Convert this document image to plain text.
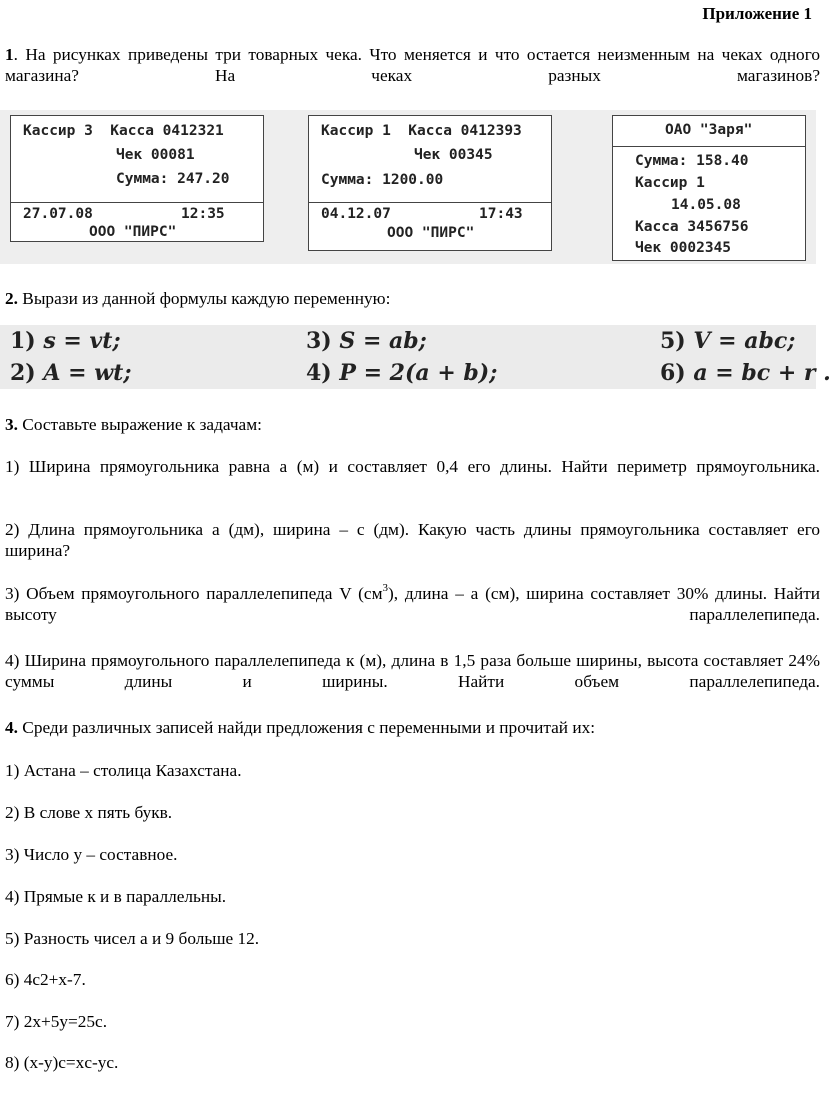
Приложение 1

1. На рисунках приведены три товарных чека. Что меняется и что остается неизменным на чеках одного магазина? На чеках разных магазинов?

Кассир 3  Касса 0412321
Чек 00081
Сумма: 247.20
27.07.08	12:35
ООО "ПИРС"
Кассир 1  Касса 0412393
Чек 00345
Сумма: 1200.00
04.12.07	17:43
ООО "ПИРС"
ОАО "Заря"
Сумма: 158.40
Кассир 1
14.05.08
Касса 3456756
Чек 0002345

2. Вырази из данной формулы каждую переменную:

1) s = vt;
2) A = wt;
3) S = ab;
4) P = 2(a + b);
5) V = abc;
6) a = bc + r .

3. Составьте выражение к задачам:

1) Ширина прямоугольника равна a (м) и составляет 0,4 его длины. Найти периметр прямоугольника.

2) Длина прямоугольника a (дм), ширина – c (дм). Какую часть длины прямоугольника составляет его ширина?

3) Объем прямоугольного параллелепипеда V $(см^3)$, длина – a (см), ширина составляет 30% длины. Найти высоту параллелепипеда.

4) Ширина прямоугольного параллелепипеда к (м), длина в 1,5 раза больше ширины, высота составляет 24% суммы длины и ширины. Найти объем параллелепипеда.

4. Среди различных записей найди предложения с переменными и прочитай их:

1) Астана – столица Казахстана.

2) В слове x пять букв.

3) Число y – составное.

4) Прямые к и в параллельны.

5) Разность чисел a и 9 больше 12.

6) 4c2+x-7.

7) 2x+5y=25c.

8) (x-y)c=xc-yc.
